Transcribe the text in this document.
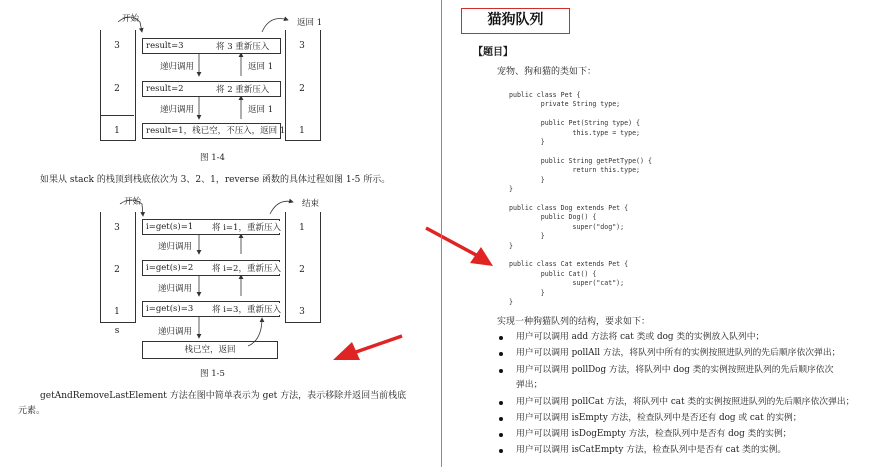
3
2
1
3
2
1
开始	返回 1
result=3
result=2
result=1，栈已空，不压入，返回 1
将 3 重新压入
将 2 重新压入
递归调用
递归调用
返回 1
返回 1
图 1-4
如果从 stack 的栈顶到栈底依次为 3、2、1，reverse 函数的具体过程如图 1-5 所示。
3
2
1
1
2
3
开始	结束
i=get(s)=1
i=get(s)=2
i=get(s)=3
将 i=1，重新压入
将 i=2，重新压入
将 i=3，重新压入
递归调用
递归调用
递归调用
s
栈已空，返回
图 1-5
getAndRemoveLastElement 方法在图中简单表示为 get 方法，表示移除并返回当前栈底
元素。
猫狗队列
【题目】
宠物、狗和猫的类如下：
public class Pet {
private String type;

public Pet(String type) {
this.type = type;
}

public String getPetType() {
return this.type;
}
}

public class Dog extends Pet {
public Dog() {
super("dog");
}
}

public class Cat extends Pet {
public Cat() {
super("cat");
}
}
实现一种狗猫队列的结构，要求如下：
用户可以调用 add 方法将 cat 类或 dog 类的实例放入队列中；
用户可以调用 pollAll 方法，将队列中所有的实例按照进队列的先后顺序依次弹出；
用户可以调用 pollDog 方法，将队列中 dog 类的实例按照进队列的先后顺序依次
弹出；
用户可以调用 pollCat 方法，将队列中 cat 类的实例按照进队列的先后顺序依次弹出；
用户可以调用 isEmpty 方法，检查队列中是否还有 dog 或 cat 的实例；
用户可以调用 isDogEmpty 方法，检查队列中是否有 dog 类的实例；
用户可以调用 isCatEmpty 方法，检查队列中是否有 cat 类的实例。
